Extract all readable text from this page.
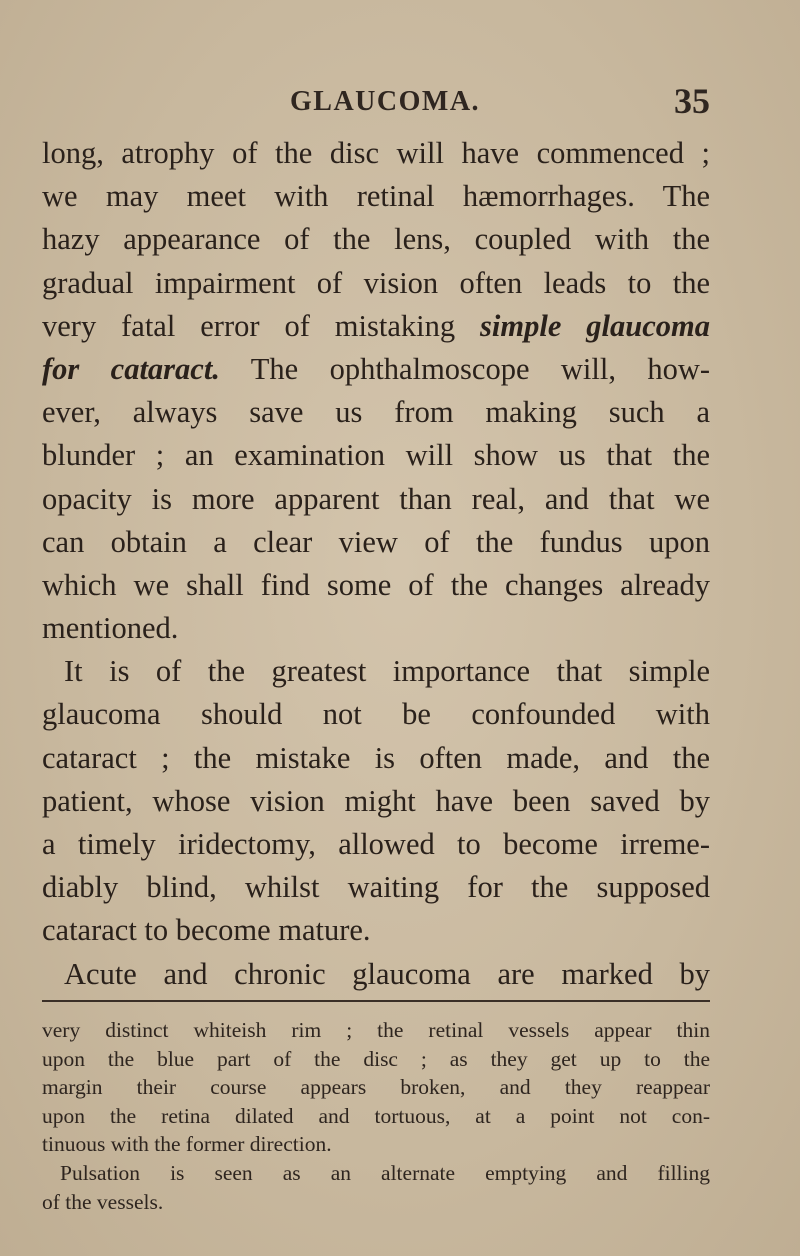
GLAUCOMA.	35
long, atrophy of the disc will have commenced ;
we may meet with retinal hæmorrhages. The
hazy appearance of the lens, coupled with the
gradual impairment of vision often leads to the
very fatal error of mistaking simple glaucoma
for cataract. The ophthalmoscope will, how-
ever, always save us from making such a
blunder ; an examination will show us that the
opacity is more apparent than real, and that we
can obtain a clear view of the fundus upon
which we shall find some of the changes already
mentioned.
It is of the greatest importance that simple
glaucoma should not be confounded with
cataract ; the mistake is often made, and the
patient, whose vision might have been saved by
a timely iridectomy, allowed to become irreme-
diably blind, whilst waiting for the supposed
cataract to become mature.
Acute and chronic glaucoma are marked by
very distinct whiteish rim ; the retinal vessels appear thin
upon the blue part of the disc ; as they get up to the
margin their course appears broken, and they reappear
upon the retina dilated and tortuous, at a point not con-
tinuous with the former direction.
Pulsation is seen as an alternate emptying and filling
of the vessels.
